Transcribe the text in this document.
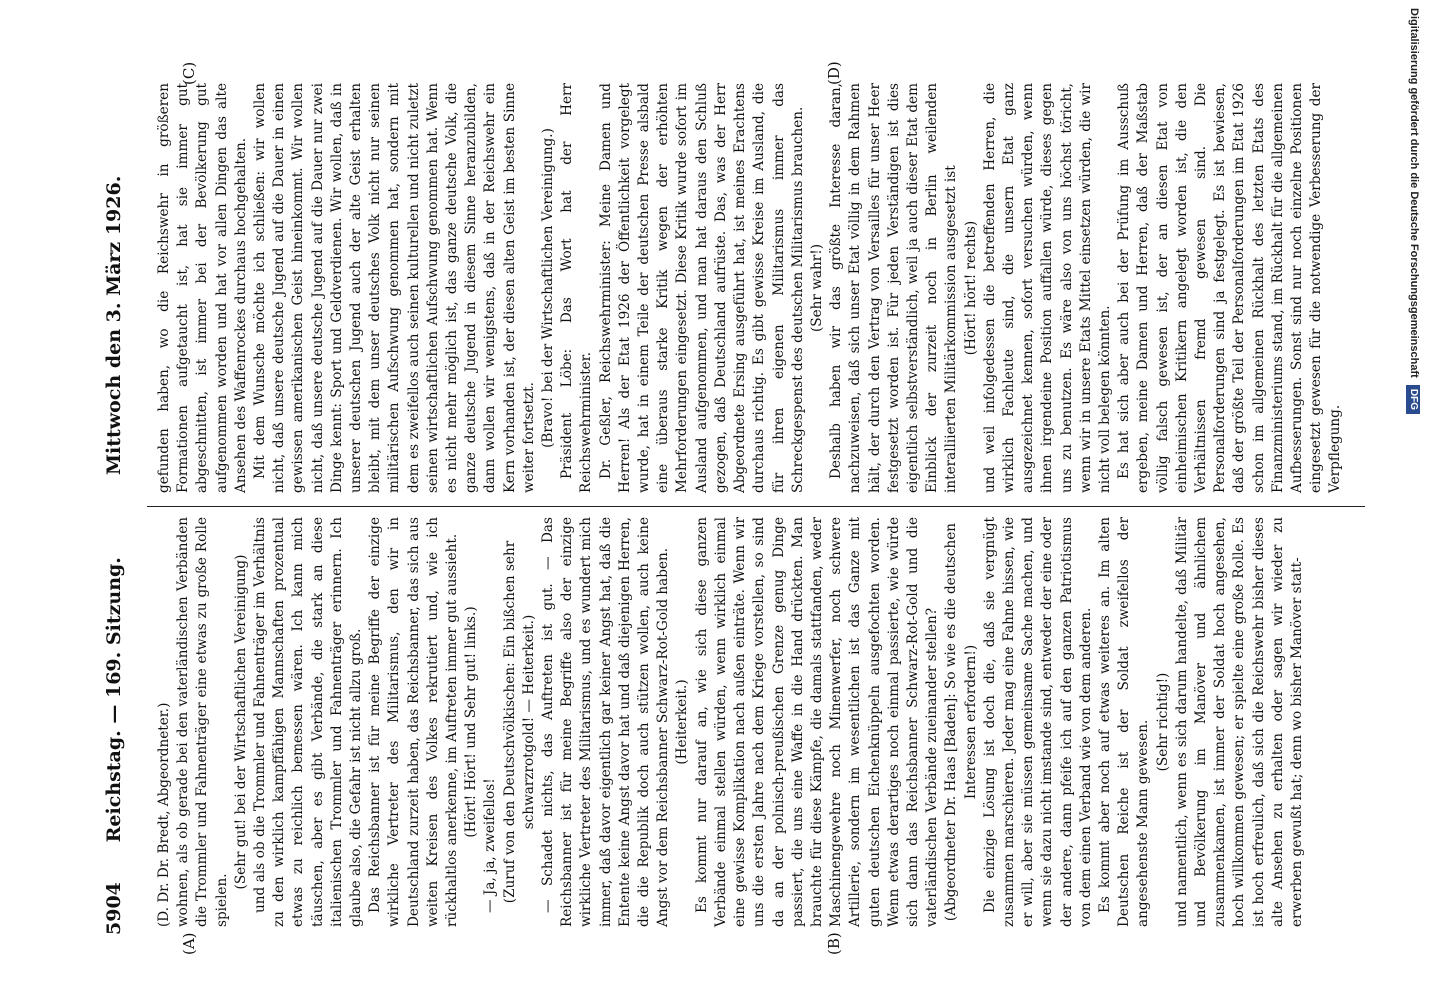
5904      Reichstag. — 169. Sitzung.
Mittwoch den 3. März 1926.
(A)	(B)
(C)	(D)

(D. Dr. Dr. Bredt, Abgeordneter.) wohnen, als ob gerade bei den vaterländischen Verbänden die Trommler und Fahnenträger eine etwas zu große Rolle spielen.

(Sehr gut! bei der Wirtschaftlichen Vereinigung) und als ob die Trommler und Fahnenträger im Verhältnis zu den wirklich kampffähigen Mannschaften prozentual etwas zu reichlich bemessen wären. Ich kann mich täuschen, aber es gibt Verbände, die stark an diese italienischen Trommler und Fahnenträger erinnern. Ich glaube also, die Gefahr ist nicht allzu groß. Das Reichsbanner ist für meine Begriffe der einzige wirkliche Vertreter des Militarismus, den wir in Deutschland zurzeit haben, das Reichsbanner, das sich aus weiten Kreisen des Volkes rekrutiert und, wie ich rückhaltlos anerkenne, im Auftreten immer gut aussieht. (Hört! Hört! und Sehr gut! links.)

— Ja, ja, zweifellos! (Zuruf von den Deutschvölkischen: Ein bißchen sehr schwarzrotgold! — Heiterkeit.) — Schadet nichts, das Auftreten ist gut. — Das Reichsbanner ist für meine Begriffe also der einzige wirkliche Vertreter des Militarismus, und es wundert mich immer, daß davor eigentlich gar keiner Angst hat, daß die Entente keine Angst davor hat und daß diejenigen Herren, die die Republik doch auch stützen wollen, auch keine Angst vor dem Reichsbanner Schwarz-Rot-Gold haben. (Heiterkeit.) Es kommt nur darauf an, wie sich diese ganzen Verbände einmal stellen würden, wenn wirklich einmal eine gewisse Komplikation nach außen einträte. Wenn wir uns die ersten Jahre nach dem Kriege vorstellen, so sind da an der polnisch-preußischen Grenze genug Dinge passiert, die uns eine Waffe in die Hand drückten. Man brauchte für diese Kämpfe, die damals stattfanden, weder Maschinengewehre noch Minenwerfer, noch schwere Artillerie, sondern im wesentlichen ist das Ganze mit guten deutschen Eichenknüppeln ausgefochten worden. Wenn etwas derartiges noch einmal passierte, wie würde sich dann das Reichsbanner Schwarz-Rot-Gold und die vaterländischen Verbände zueinander stellen? (Abgeordneter Dr. Haas [Baden]: So wie es die deutschen Interessen erfordern!) Die einzige Lösung ist doch die, daß sie vergnügt zusammen marschieren. Jeder mag eine Fahne hissen, wie er will, aber sie müssen gemeinsame Sache machen, und wenn sie dazu nicht imstande sind, entweder der eine oder der andere, dann pfeife ich auf den ganzen Patriotismus von dem einen Verband wie von dem anderen. Es kommt aber noch auf etwas weiteres an. Im alten Deutschen Reiche ist der Soldat zweifellos der angesehenste Mann gewesen. (Sehr richtig!) und namentlich, wenn es sich darum handelte, daß Militär und Bevölkerung im Manöver und ähnlichem zusammenkamen, ist immer der Soldat hoch angesehen, hoch willkommen gewesen; er spielte eine große Rolle. Es ist hoch erfreulich, daß sich die Reichswehr bisher dieses alte Ansehen zu erhalten oder sagen wir wieder zu erwerben gewußt hat; denn wo bisher Manöver statt-

gefunden haben, wo die Reichswehr in größeren Formationen aufgetaucht ist, hat sie immer gut abgeschnitten, ist immer bei der Bevölkerung gut aufgenommen worden und hat vor allen Dingen das alte Ansehen des Waffenrockes durchaus hochgehalten. Mit dem Wunsche möchte ich schließen: wir wollen nicht, daß unsere deutsche Jugend auf die Dauer in einen gewissen amerikanischen Geist hineinkommt. Wir wollen nicht, daß unsere deutsche Jugend auf die Dauer nur zwei Dinge kennt: Sport und Geldverdienen. Wir wollen, daß in unserer deutschen Jugend auch der alte Geist erhalten bleibt, mit dem unser deutsches Volk nicht nur seinen militärischen Aufschwung genommen hat, sondern mit dem es zweifellos auch seinen kulturellen und nicht zuletzt seinen wirtschaftlichen Aufschwung genommen hat. Wenn es nicht mehr möglich ist, das ganze deutsche Volk, die ganze deutsche Jugend in diesem Sinne heranzubilden, dann wollen wir wenigstens, daß in der Reichswehr ein Kern vorhanden ist, der diesen alten Geist im besten Sinne weiter fortsetzt. (Bravo! bei der Wirtschaftlichen Vereinigung.) Präsident Löbe: Das Wort hat der Herr Reichswehrminister. Dr. Geßler, Reichswehrminister: Meine Damen und Herren! Als der Etat 1926 der Öffentlichkeit vorgelegt wurde, hat in einem Teile der deutschen Presse alsbald eine überaus starke Kritik wegen der erhöhten Mehrforderungen eingesetzt. Diese Kritik wurde sofort im Ausland aufgenommen, und man hat daraus den Schluß gezogen, daß Deutschland aufrüste. Das, was der Herr Abgeordnete Ersing ausgeführt hat, ist meines Erachtens durchaus richtig. Es gibt gewisse Kreise im Ausland, die für ihren eigenen Militarismus immer das Schreckgespenst des deutschen Militarismus brauchen. (Sehr wahr!) Deshalb haben wir das größte Interesse daran, nachzuweisen, daß sich unser Etat völlig in dem Rahmen hält, der durch den Vertrag von Versailles für unser Heer festgesetzt worden ist. Für jeden Verständigen ist dies eigentlich selbstverständlich, weil ja auch dieser Etat dem Einblick der zurzeit noch in Berlin weilenden interalliierten Militärkommission ausgesetzt ist (Hört! hört! rechts) und weil infolgedessen die betreffenden Herren, die wirklich Fachleute sind, die unsern Etat ganz ausgezeichnet kennen, sofort versuchen würden, wenn ihnen irgendeine Position auffallen würde, dieses gegen uns zu benutzen. Es wäre also von uns höchst töricht, wenn wir in unsere Etats Mittel einsetzen würden, die wir nicht voll belegen könnten. Es hat sich aber auch bei der Prüfung im Ausschuß ergeben, meine Damen und Herren, daß der Maßstab völlig falsch gewesen ist, der an diesen Etat von einheimischen Kritikern angelegt worden ist, die den Verhältnissen fremd gewesen sind. Die Personalforderungen sind ja festgelegt. Es ist bewiesen, daß der größte Teil der Personalforderungen im Etat 1926 schon im allgemeinen Rückhalt des letzten Etats des Finanzministeriums stand, im Rückhalt für die allgemeinen Aufbesserungen. Sonst sind nur noch einzelne Positionen eingesetzt gewesen für die notwendige Verbesserung der Verpflegung.

Digitalisierung gefördert durch die Deutsche Forschungsgemeinschaft DFG
